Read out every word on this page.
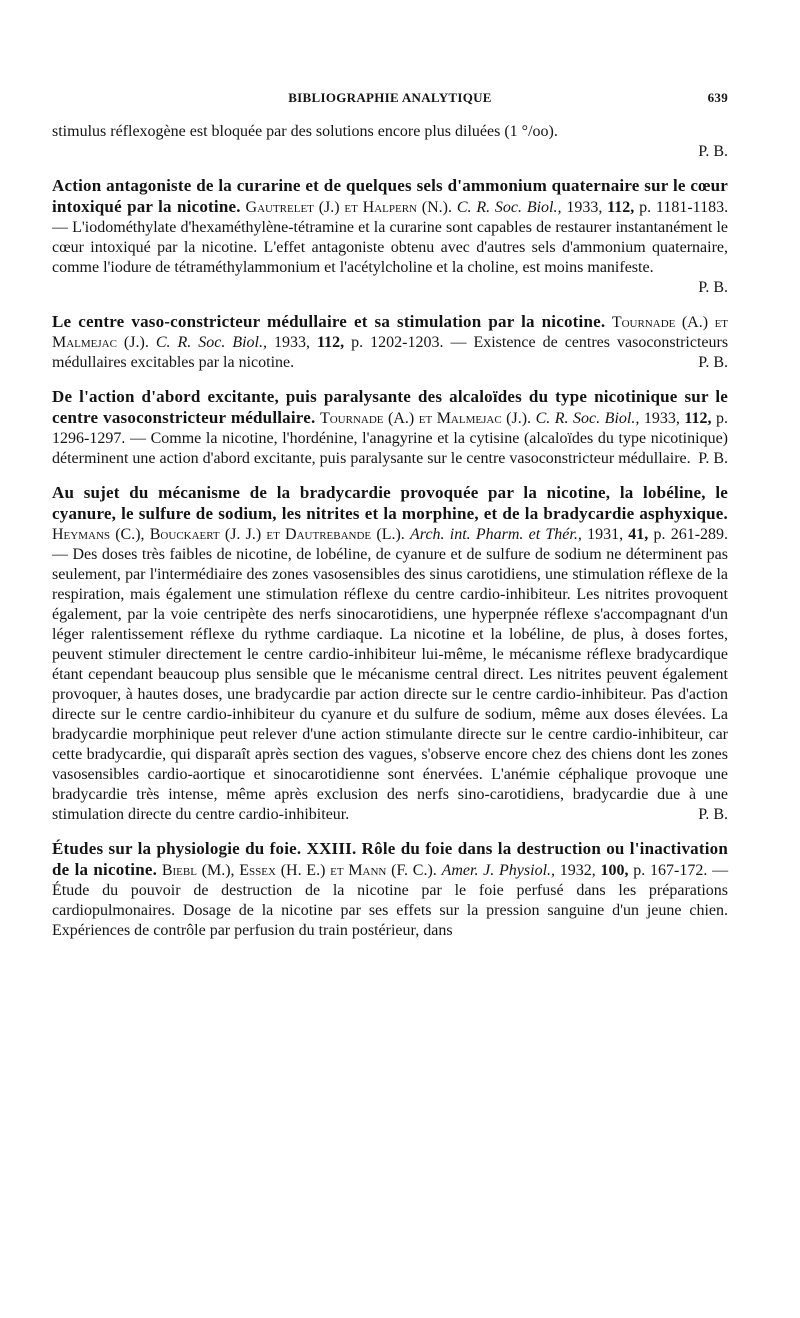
BIBLIOGRAPHIE ANALYTIQUE	639

stimulus réflexogène est bloquée par des solutions encore plus diluées (1 °/oo).

P. B.

Action antagoniste de la curarine et de quelques sels d'ammonium quaternaire sur le cœur intoxiqué par la nicotine. Gautrelet (J.) et Halpern (N.). C. R. Soc. Biol., 1933, 112, p. 1181-1183. — L'iodométhylate d'hexaméthylène-tétramine et la curarine sont capables de restaurer instantanément le cœur intoxiqué par la nicotine. L'effet antagoniste obtenu avec d'autres sels d'ammonium quaternaire, comme l'iodure de tétraméthylammonium et l'acétylcholine et la choline, est moins manifeste.

P. B.

Le centre vaso-constricteur médullaire et sa stimulation par la nicotine. Tournade (A.) et Malmejac (J.). C. R. Soc. Biol., 1933, 112, p. 1202-1203. — Existence de centres vasoconstricteurs médullaires excitables par la nicotine.	P. B.

De l'action d'abord excitante, puis paralysante des alcaloïdes du type nicotinique sur le centre vasoconstricteur médullaire. Tournade (A.) et Malmejac (J.). C. R. Soc. Biol., 1933, 112, p. 1296-1297. — Comme la nicotine, l'hordénine, l'anagyrine et la cytisine (alcaloïdes du type nicotinique) déterminent une action d'abord excitante, puis paralysante sur le centre vasoconstricteur médullaire. P. B.

Au sujet du mécanisme de la bradycardie provoquée par la nicotine, la lobéline, le cyanure, le sulfure de sodium, les nitrites et la morphine, et de la bradycardie asphyxique. Heymans (C.), Bouckaert (J. J.) et Dautrebande (L.). Arch. int. Pharm. et Thér., 1931, 41, p. 261-289. — Des doses très faibles de nicotine, de lobéline, de cyanure et de sulfure de sodium ne déterminent pas seulement, par l'intermédiaire des zones vasosensibles des sinus carotidiens, une stimulation réflexe de la respiration, mais également une stimulation réflexe du centre cardio-inhibiteur. Les nitrites provoquent également, par la voie centripète des nerfs sinocarotidiens, une hyperpnée réflexe s'accompagnant d'un léger ralentissement réflexe du rythme cardiaque. La nicotine et la lobéline, de plus, à doses fortes, peuvent stimuler directement le centre cardio-inhibiteur lui-même, le mécanisme réflexe bradycardique étant cependant beaucoup plus sensible que le mécanisme central direct. Les nitrites peuvent également provoquer, à hautes doses, une bradycardie par action directe sur le centre cardio-inhibiteur. Pas d'action directe sur le centre cardio-inhibiteur du cyanure et du sulfure de sodium, même aux doses élevées. La bradycardie morphinique peut relever d'une action stimulante directe sur le centre cardio-inhibiteur, car cette bradycardie, qui disparaît après section des vagues, s'observe encore chez des chiens dont les zones vasosensibles cardio-aortique et sinocarotidienne sont énervées. L'anémie céphalique provoque une bradycardie très intense, même après exclusion des nerfs sino-carotidiens, bradycardie due à une stimulation directe du centre cardio-inhibiteur.	P. B.

Études sur la physiologie du foie. XXIII. Rôle du foie dans la destruction ou l'inactivation de la nicotine. Biebl (M.), Essex (H. E.) et Mann (F. C.). Amer. J. Physiol., 1932, 100, p. 167-172. — Étude du pouvoir de destruction de la nicotine par le foie perfusé dans les préparations cardiopulmonaires. Dosage de la nicotine par ses effets sur la pression sanguine d'un jeune chien. Expériences de contrôle par perfusion du train postérieur, dans
